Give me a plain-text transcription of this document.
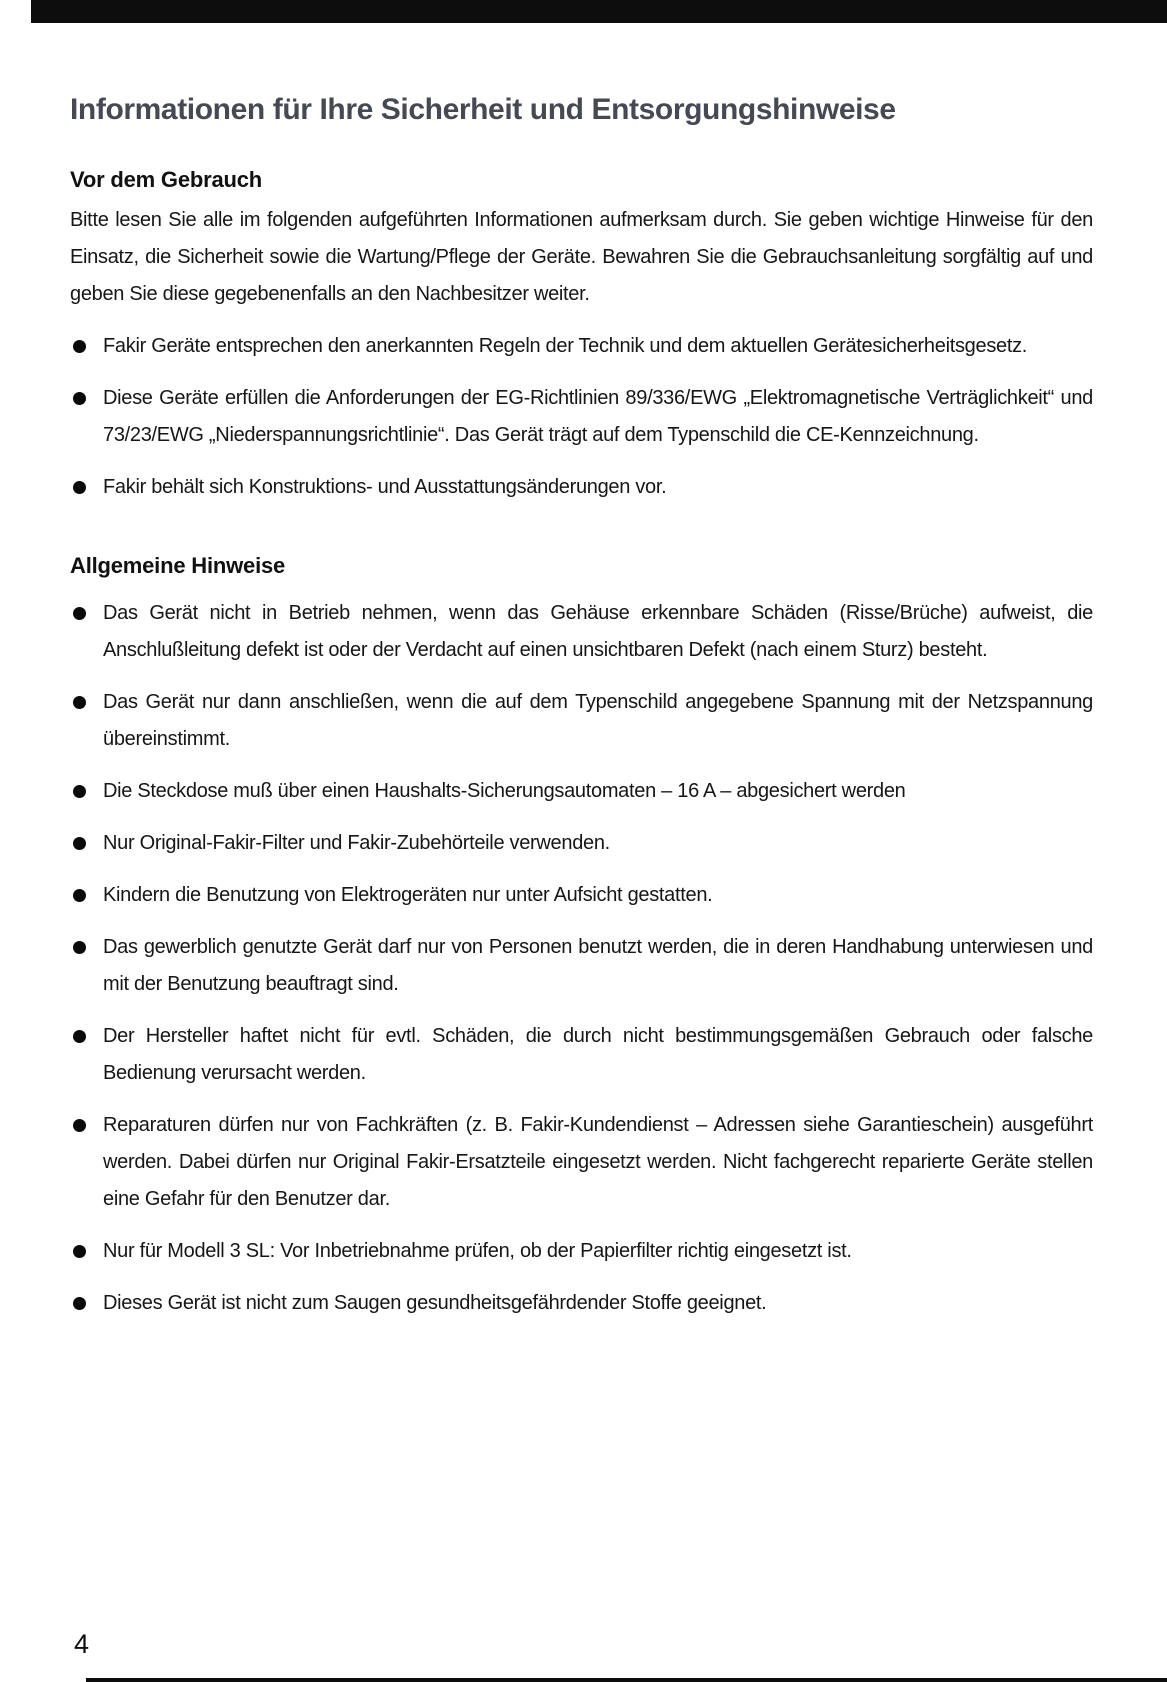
Informationen für Ihre Sicherheit und Entsorgungshinweise
Vor dem Gebrauch

Bitte lesen Sie alle im folgenden aufgeführten Informationen aufmerksam durch. Sie geben wichtige Hinweise für den Einsatz, die Sicherheit sowie die Wartung/Pflege der Geräte. Bewahren Sie die Gebrauchsanleitung sorgfältig auf und geben Sie diese gegebenenfalls an den Nachbesitzer weiter.

Fakir Geräte entsprechen den anerkannten Regeln der Technik und dem aktuellen Gerätesicherheitsgesetz.
Diese Geräte erfüllen die Anforderungen der EG-Richtlinien 89/336/EWG „Elektromagnetische Verträglichkeit“ und 73/23/EWG „Niederspannungsrichtlinie“. Das Gerät trägt auf dem Typenschild die CE-Kennzeichnung.
Fakir behält sich Konstruktions- und Ausstattungsänderungen vor.
Allgemeine Hinweise
Das Gerät nicht in Betrieb nehmen, wenn das Gehäuse erkennbare Schäden (Risse/Brüche) aufweist, die Anschlußleitung defekt ist oder der Verdacht auf einen unsichtbaren Defekt (nach einem Sturz) besteht.
Das Gerät nur dann anschließen, wenn die auf dem Typenschild angegebene Spannung mit der Netzspannung übereinstimmt.
Die Steckdose muß über einen Haushalts-Sicherungsautomaten – 16 A – abgesichert werden
Nur Original-Fakir-Filter und Fakir-Zubehörteile verwenden.
Kindern die Benutzung von Elektrogeräten nur unter Aufsicht gestatten.
Das gewerblich genutzte Gerät darf nur von Personen benutzt werden, die in deren Handhabung unterwiesen und mit der Benutzung beauftragt sind.
Der Hersteller haftet nicht für evtl. Schäden, die durch nicht bestimmungsgemäßen Gebrauch oder falsche Bedienung verursacht werden.
Reparaturen dürfen nur von Fachkräften (z. B. Fakir-Kundendienst – Adressen siehe Garantieschein) ausgeführt werden. Dabei dürfen nur Original Fakir-Ersatzteile eingesetzt werden. Nicht fachgerecht reparierte Geräte stellen eine Gefahr für den Benutzer dar.
Nur für Modell 3 SL: Vor Inbetriebnahme prüfen, ob der Papierfilter richtig eingesetzt ist.
Dieses Gerät ist nicht zum Saugen gesundheitsgefährdender Stoffe geeignet.
4
